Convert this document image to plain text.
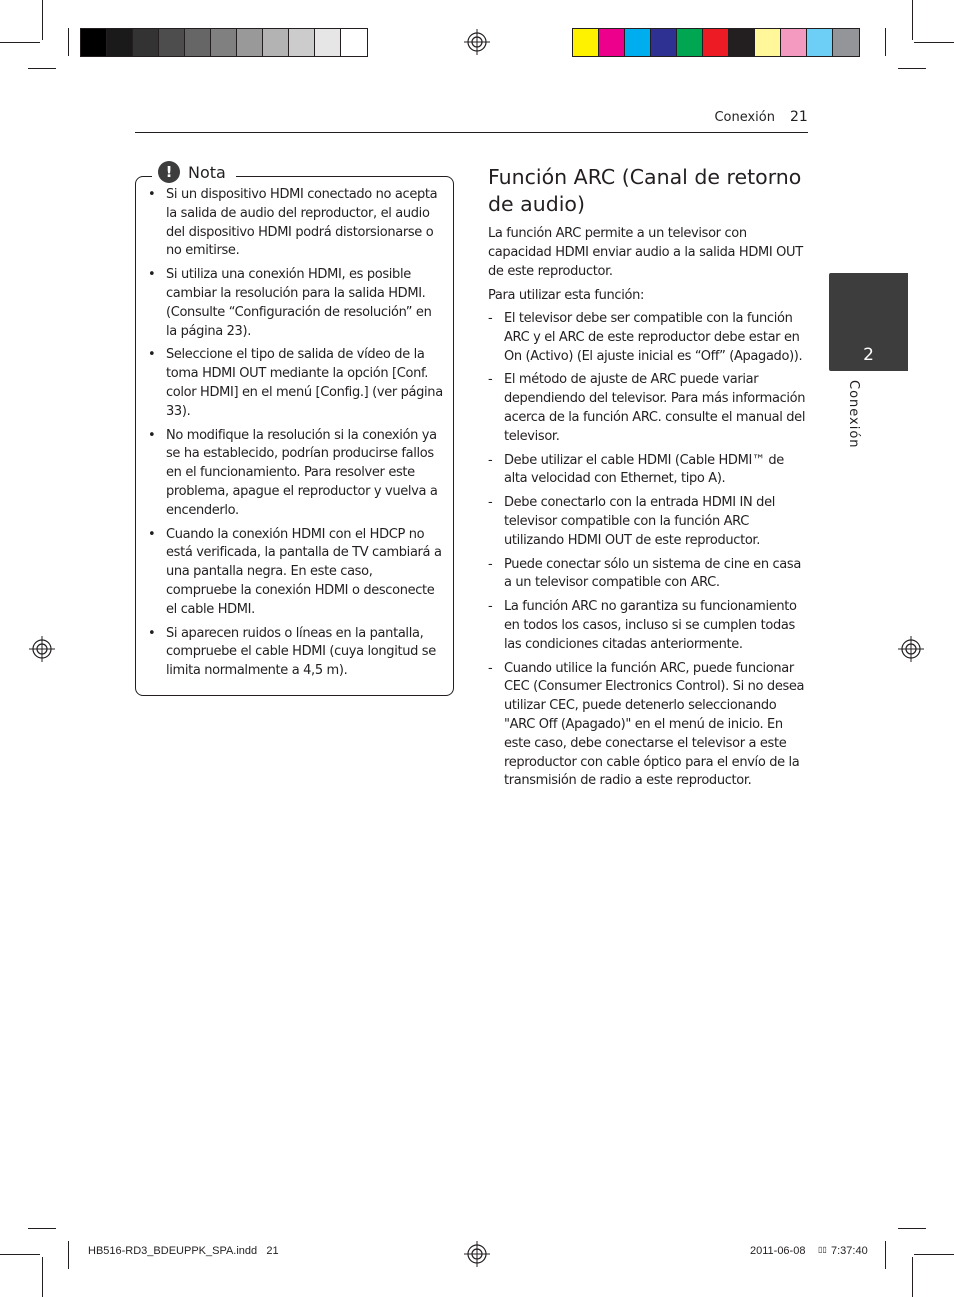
Conexión 21
2
Conexión
! Nota
• Si un dispositivo HDMI conectado no acepta la salida de audio del reproductor, el audio del dispositivo HDMI podrá distorsionarse o no emitirse.
• Si utiliza una conexión HDMI, es posible cambiar la resolución para la salida HDMI. (Consulte “Configuración de resolución” en la página 23).
• Seleccione el tipo de salida de vídeo de la toma HDMI OUT mediante la opción [Conf. color HDMI] en el menú [Config.] (ver página 33).
• No modifique la resolución si la conexión ya se ha establecido, podrían producirse fallos en el funcionamiento. Para resolver este problema, apague el reproductor y vuelva a encenderlo.
• Cuando la conexión HDMI con el HDCP no está verificada, la pantalla de TV cambiará a una pantalla negra. En este caso, compruebe la conexión HDMI o desconecte el cable HDMI.
• Si aparecen ruidos o líneas en la pantalla, compruebe el cable HDMI (cuya longitud se limita normalmente a 4,5 m).
Función ARC (Canal de retorno de audio)
La función ARC permite a un televisor con capacidad HDMI enviar audio a la salida HDMI OUT de este reproductor.
Para utilizar esta función:
- El televisor debe ser compatible con la función ARC y el ARC de este reproductor debe estar en On (Activo) (El ajuste inicial es “Off” (Apagado)).
- El método de ajuste de ARC puede variar dependiendo del televisor. Para más información acerca de la función ARC. consulte el manual del televisor.
- Debe utilizar el cable HDMI (Cable HDMI™ de alta velocidad con Ethernet, tipo A).
- Debe conectarlo con la entrada HDMI IN del televisor compatible con la función ARC utilizando HDMI OUT de este reproductor.
- Puede conectar sólo un sistema de cine en casa a un televisor compatible con ARC.
- La función ARC no garantiza su funcionamiento en todos los casos, incluso si se cumplen todas las condiciones citadas anteriormente.
- Cuando utilice la función ARC, puede funcionar CEC (Consumer Electronics Control). Si no desea utilizar CEC, puede detenerlo seleccionando "ARC Off (Apagado)" en el menú de inicio. En este caso, debe conectarse el televisor a este reproductor con cable óptico para el envío de la transmisión de radio a este reproductor.
HB516-RD3_BDEUPPK_SPA.indd   21	2011-06-08 ▯▯ 7:37:40
